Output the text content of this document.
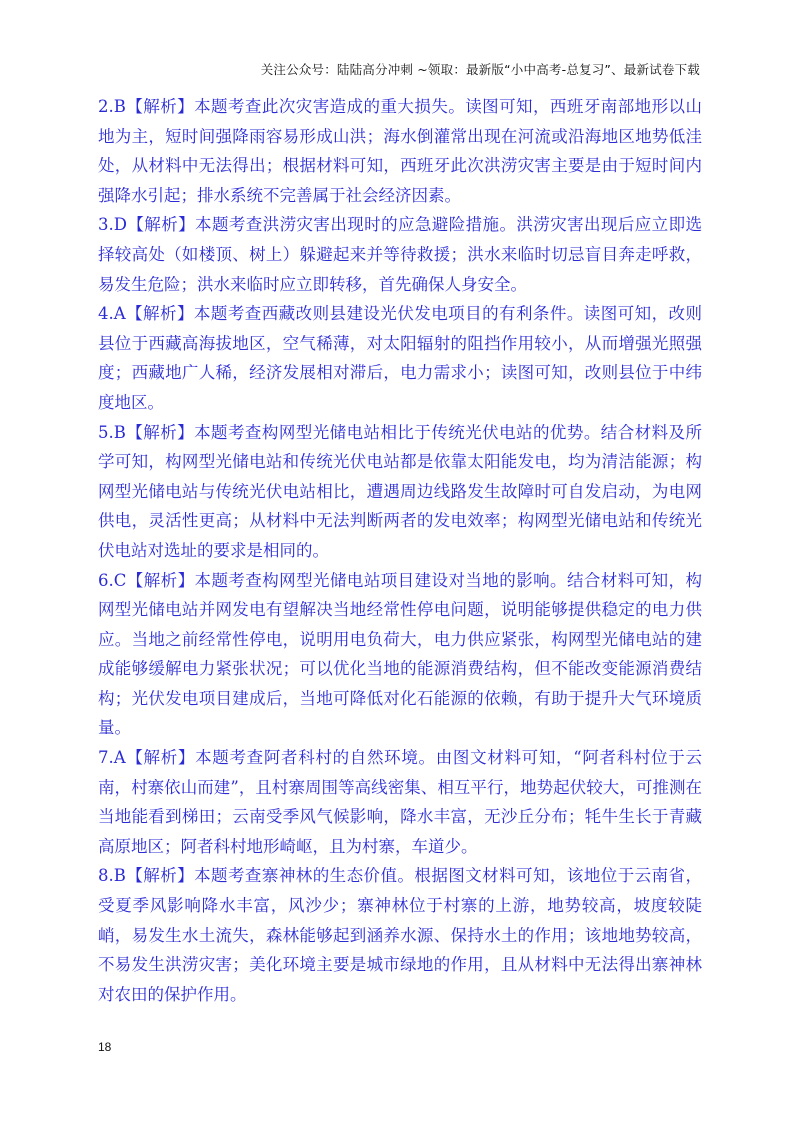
关注公众号：陆陆高分冲刺 ~领取：最新版“小中高考-总复习”、最新试卷下载

2.B【解析】本题考查此次灾害造成的重大损失。读图可知，西班牙南部地形以山地为主，短时间强降雨容易形成山洪；海水倒灌常出现在河流或沿海地区地势低洼处，从材料中无法得出；根据材料可知，西班牙此次洪涝灾害主要是由于短时间内强降水引起；排水系统不完善属于社会经济因素。

3.D【解析】本题考查洪涝灾害出现时的应急避险措施。洪涝灾害出现后应立即选择较高处（如楼顶、树上）躲避起来并等待救援；洪水来临时切忌盲目奔走呼救，易发生危险；洪水来临时应立即转移，首先确保人身安全。

4.A【解析】本题考查西藏改则县建设光伏发电项目的有利条件。读图可知，改则县位于西藏高海拔地区，空气稀薄，对太阳辐射的阻挡作用较小，从而增强光照强度；西藏地广人稀，经济发展相对滞后，电力需求小；读图可知，改则县位于中纬度地区。

5.B【解析】本题考查构网型光储电站相比于传统光伏电站的优势。结合材料及所学可知，构网型光储电站和传统光伏电站都是依靠太阳能发电，均为清洁能源；构网型光储电站与传统光伏电站相比，遭遇周边线路发生故障时可自发启动，为电网供电，灵活性更高；从材料中无法判断两者的发电效率；构网型光储电站和传统光伏电站对选址的要求是相同的。

6.C【解析】本题考查构网型光储电站项目建设对当地的影响。结合材料可知，构网型光储电站并网发电有望解决当地经常性停电问题，说明能够提供稳定的电力供应。当地之前经常性停电，说明用电负荷大，电力供应紧张，构网型光储电站的建成能够缓解电力紧张状况；可以优化当地的能源消费结构，但不能改变能源消费结构；光伏发电项目建成后，当地可降低对化石能源的依赖，有助于提升大气环境质量。

7.A【解析】本题考查阿者科村的自然环境。由图文材料可知，“阿者科村位于云南，村寨依山而建”，且村寨周围等高线密集、相互平行，地势起伏较大，可推测在当地能看到梯田；云南受季风气候影响，降水丰富，无沙丘分布；牦牛生长于青藏高原地区；阿者科村地形崎岖，且为村寨，车道少。

8.B【解析】本题考查寨神林的生态价值。根据图文材料可知，该地位于云南省，受夏季风影响降水丰富，风沙少；寨神林位于村寨的上游，地势较高，坡度较陡峭，易发生水土流失，森林能够起到涵养水源、保持水土的作用；该地地势较高，不易发生洪涝灾害；美化环境主要是城市绿地的作用，且从材料中无法得出寨神林对农田的保护作用。

18
